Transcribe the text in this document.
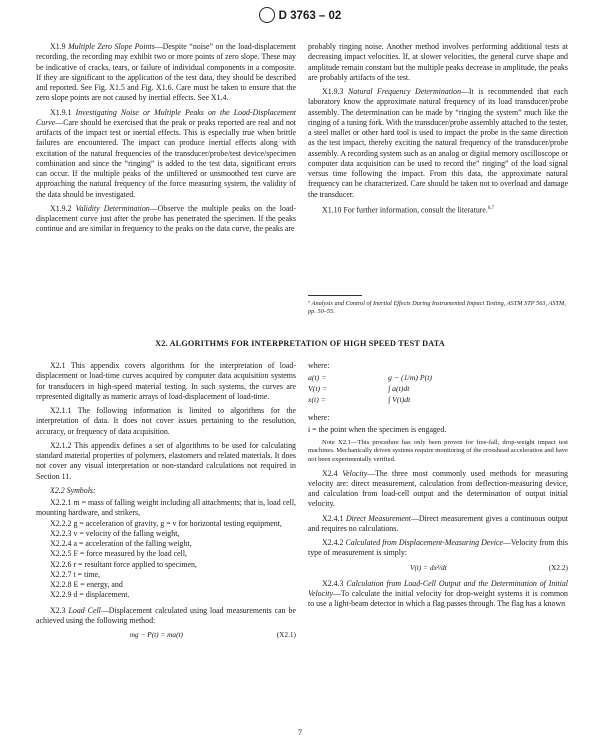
D 3763 – 02

X1.9 Multiple Zero Slope Points—Despite “noise” on the load-displacement recording, the recording may exhibit two or more points of zero slope. These may be indicative of cracks, tears, or failure of individual components in a composite. If they are significant to the application of the test data, they should be described and reported. See Fig. X1.5 and Fig. X1.6. Care must be taken to ensure that the zero slope points are not caused by inertial effects. See X1.4.

X1.9.1 Investigating Noise or Multiple Peaks on the Load-Displacement Curve—Care should be exercised that the peak or peaks reported are real and not artifacts of the impact test or inertial effects. This is especially true when brittle failures are encountered. The impact can produce inertial effects along with excitation of the natural frequencies of the transducer/probe/test device/specimen combination and since the “ringing” is added to the test data, significant errors can occur. If the multiple peaks of the unfiltered or unsmoothed test curve are approaching the natural frequency of the force measuring system, the validity of the data should be investigated.

X1.9.2 Validity Determination—Observe the multiple peaks on the load-displacement curve just after the probe has penetrated the specimen. If the peaks continue and are similar in frequency to the peaks on the data curve, the peaks are

probably ringing noise. Another method involves performing additional tests at decreasing impact velocities. If, at slower velocities, the general curve shape and amplitude remain constant but the multiple peaks decrease in amplitude, the peaks are probably artifacts of the test.

X1.9.3 Natural Frequency Determination—It is recommended that each laboratory know the approximate natural frequency of its load transducer/probe assembly. The determination can be made by “ringing the system” much like the ringing of a tuning fork. With the transducer/probe assembly attached to the tester, a steel mallet or other hard tool is used to impact the probe in the same direction as the test impact, thereby exciting the natural frequency of the transducer/probe assembly. A recording system such as an analog or digital memory oscilloscope or computer data acquisition can be used to record the” ringing” of the load signal versus time following the impact. From this data, the approximate natural frequency can be characterized. Care should be taken not to overload and damage the transducer.

X1.10 For further information, consult the literature.$^{6,7}$

⁷ Analysis and Control of Inertial Effects During Instrumented Impact Testing, ASTM STP 563, ASTM, pp. 50–55.
X2. ALGORITHMS FOR INTERPRETATION OF HIGH SPEED TEST DATA

X2.1 This appendix covers algorithms for the interpretation of load-displacement or load-time curves acquired by computer data acquisition systems for transducers in high-speed material testing. In such systems, the curves are represented digitally as numeric arrays of load-displacement of load-time.

X2.1.1 The following information is limited to algorithms for the interpretation of data. It does not cover issues pertaining to the resolution, accuracy, or frequency of data acquisition.

X2.1.2 This appendix defines a set of algorithms to be used for calculating standard material properties of polymers, elastomers and related materials. It does not cover any visual interpretation or non-standard calculations not required in Section 11.

X2.2 Symbols:

X2.2.1 m = mass of falling weight including all attachments; that is, load cell, mounting hardware, and strikers,

X2.2.2 g = acceleration of gravity, g = v for horizontal testing equipment,

X2.2.3 v = velocity of the falling weight,

X2.2.4 a = acceleration of the falling weight,

X2.2.5 F = force measured by the load cell,

X2.2.6 r = resultant force applied to specimen,

X2.2.7 t = time,

X2.2.8 E = energy, and

X2.2.9 d = displacement.

X2.3 Load Cell—Displacement calculated using load measurements can be achieved using the following method:

mg − P(t) = ma(t)	(X2.1)

where:

a(t) =	g − (1/m) P(t)
V(t) =	∫ a(t)dt
x(t) =	∫ V(t)dt

where:

i = the point when the specimen is engaged.

Note X2.1—This procedure has only been proven for free-fall, drop-weight impact test machines. Mechanically driven systems require monitoring of the crosshead acceleration and have not been experimentally verified.

X2.4 Velocity—The three most commonly used methods for measuring velocity are: direct measurement, calculation from deflection-measuring device, and calculation from load-cell output and the determination of output initial velocity.

X2.4.1 Direct Measurement—Direct measurement gives a continuous output and requires no calculations.

X2.4.2 Calculated from Displacement-Measuring Device—Velocity from this type of measurement is simply:

V(t) = dx²/dt	(X2.2)

X2.4.3 Calculation from Load-Cell Output and the Determination of Initial Velocity—To calculate the initial velocity for drop-weight systems it is common to use a light-beam detector in which a flag passes through. The flag has a known

7
